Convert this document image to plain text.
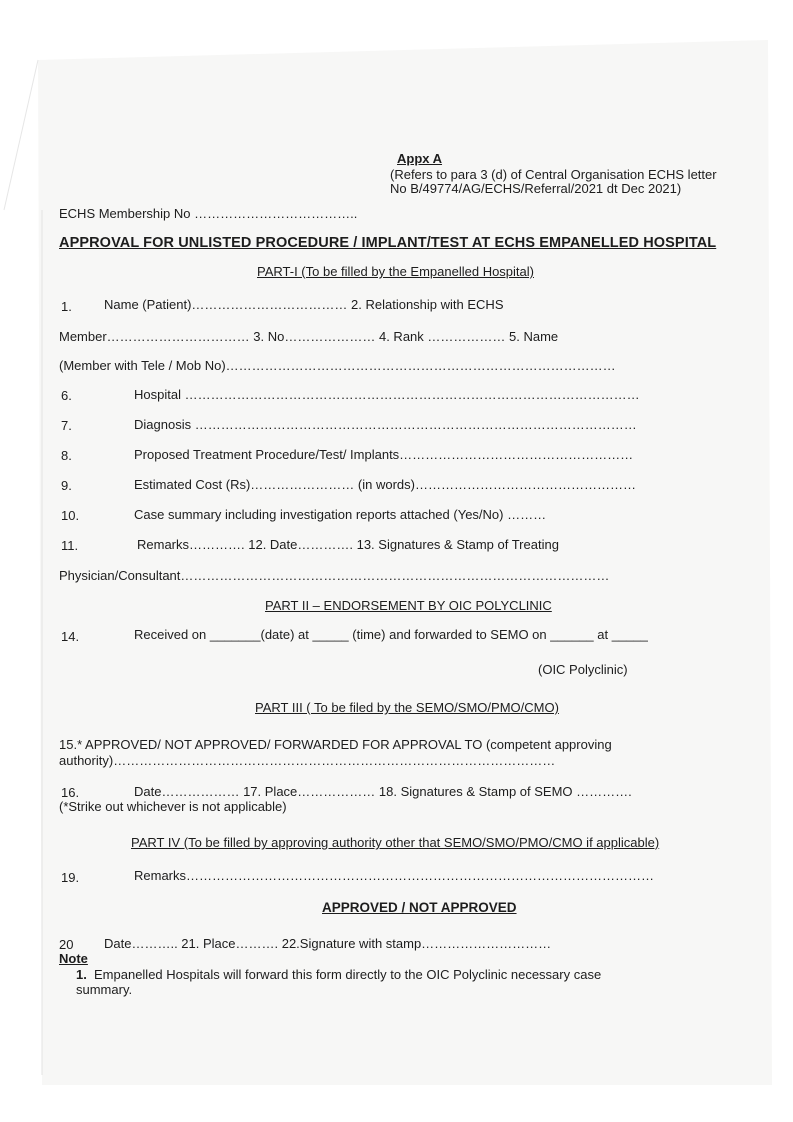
Appx A
(Refers to para 3 (d) of Central Organisation ECHS letter
No B/49774/AG/ECHS/Referral/2021 dt Dec 2021)
ECHS Membership No ………………………………..
APPROVAL FOR UNLISTED PROCEDURE / IMPLANT/TEST AT ECHS EMPANELLED HOSPITAL
PART-I (To be filled by the Empanelled Hospital)
1. Name (Patient)……………………………… 2. Relationship with ECHS
Member…………………………… 3. No………………… 4. Rank ……………… 5. Name
(Member with Tele / Mob No)………………………………………………………………………………
6.	Hospital ……………………………………………………………………………………………
7.	Diagnosis …………………………………………………………………………………………
8.	Proposed Treatment Procedure/Test/ Implants………………………………………………
9.	Estimated Cost (Rs)…………………… (in words)……………………………………………
10.	Case summary including investigation reports attached (Yes/No) ………
11.	Remarks…………. 12. Date…………. 13. Signatures & Stamp of Treating
Physician/Consultant………………………………………………………………………………………
PART II – ENDORSEMENT BY OIC POLYCLINIC
14.	Received on _______(date) at _____ (time) and forwarded to SEMO on ______ at _____
(OIC Polyclinic)
PART III ( To be filed by the SEMO/SMO/PMO/CMO)
15.* APPROVED/ NOT APPROVED/ FORWARDED FOR APPROVAL TO (competent approving
authority)…………………………………………………………………………………………
16.	Date……………… 17. Place……………… 18. Signatures & Stamp of SEMO ………….
(*Strike out whichever is not applicable)
PART IV (To be filled by approving authority other that SEMO/SMO/PMO/CMO if applicable)
19.	Remarks………………………………………………………………………………………………
APPROVED / NOT APPROVED
20 Date……….. 21. Place………. 22.Signature with stamp…………………………
Note
1. Empanelled Hospitals will forward this form directly to the OIC Polyclinic necessary case
summary.
